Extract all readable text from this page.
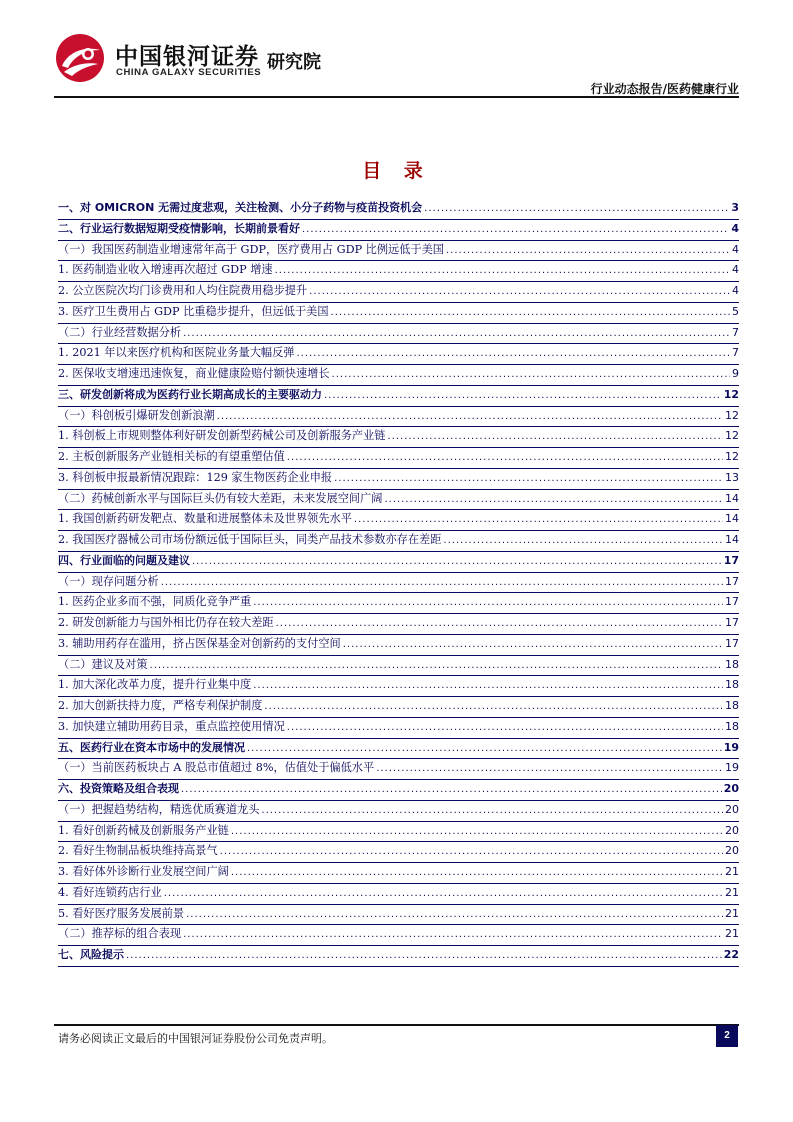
中国银河证券
CHINA GALAXY SECURITIES 研究院
行业动态报告/医药健康行业
目 录
一、对 OMICRON 无需过度悲观，关注检测、小分子药物与疫苗投资机会 .....	3
二、行业运行数据短期受疫情影响，长期前景看好 .....	4
（一）我国医药制造业增速常年高于 GDP，医疗费用占 GDP 比例远低于美国 .....	4
1. 医药制造业收入增速再次超过 GDP 增速 .....	4
2. 公立医院次均门诊费用和人均住院费用稳步提升 .....	4
3. 医疗卫生费用占 GDP 比重稳步提升，但远低于美国 .....	5
（二）行业经营数据分析 .....	7
1. 2021 年以来医疗机构和医院业务量大幅反弹 .....	7
2. 医保收支增速迅速恢复，商业健康险赔付额快速增长 .....	9
三、研发创新将成为医药行业长期高成长的主要驱动力 .....	12
（一）科创板引爆研发创新浪潮 .....	12
1. 科创板上市规则整体利好研发创新型药械公司及创新服务产业链 .....	12
2. 主板创新服务产业链相关标的有望重塑估值 .....	12
3. 科创板申报最新情况跟踪：129 家生物医药企业申报 .....	13
（二）药械创新水平与国际巨头仍有较大差距，未来发展空间广阔 .....	14
1. 我国创新药研发靶点、数量和进展整体未及世界领先水平 .....	14
2. 我国医疗器械公司市场份额远低于国际巨头，同类产品技术参数亦存在差距 .....	14
四、行业面临的问题及建议 .....	17
（一）现存问题分析 .....	17
1. 医药企业多而不强，同质化竞争严重 .....	17
2. 研发创新能力与国外相比仍存在较大差距 .....	17
3. 辅助用药存在滥用，挤占医保基金对创新药的支付空间 .....	17
（二）建议及对策 .....	18
1. 加大深化改革力度，提升行业集中度 .....	18
2. 加大创新扶持力度，严格专利保护制度 .....	18
3. 加快建立辅助用药目录，重点监控使用情况 .....	18
五、医药行业在资本市场中的发展情况 .....	19
（一）当前医药板块占 A 股总市值超过 8%，估值处于偏低水平 .....	19
六、投资策略及组合表现 .....	20
（一）把握趋势结构，精选优质赛道龙头 .....	20
1. 看好创新药械及创新服务产业链 .....	20
2. 看好生物制品板块维持高景气 .....	20
3. 看好体外诊断行业发展空间广阔 .....	21
4. 看好连锁药店行业 .....	21
5. 看好医疗服务发展前景 .....	21
（二）推荐标的组合表现 .....	21
七、风险提示 .....	22
请务必阅读正文最后的中国银河证券股份公司免责声明。	2
